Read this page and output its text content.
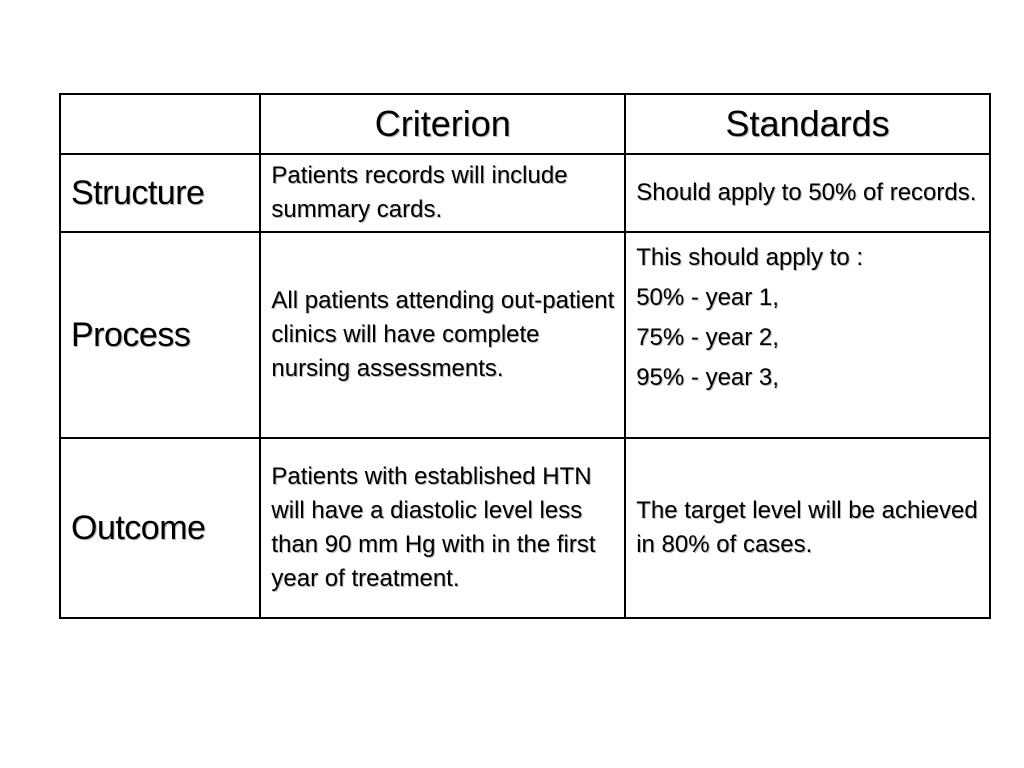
	Criterion	Standards
Structure	Patients records will include summary cards.	Should apply to 50% of records.
Process	All patients attending out-patient clinics will have complete nursing assessments.	This should apply to :
50% - year 1,
75% - year 2,
95% - year 3,

Outcome	Patients with established HTN will have a diastolic level less than 90 mm Hg with in the first year of treatment.	The target level will be achieved in 80% of cases.
